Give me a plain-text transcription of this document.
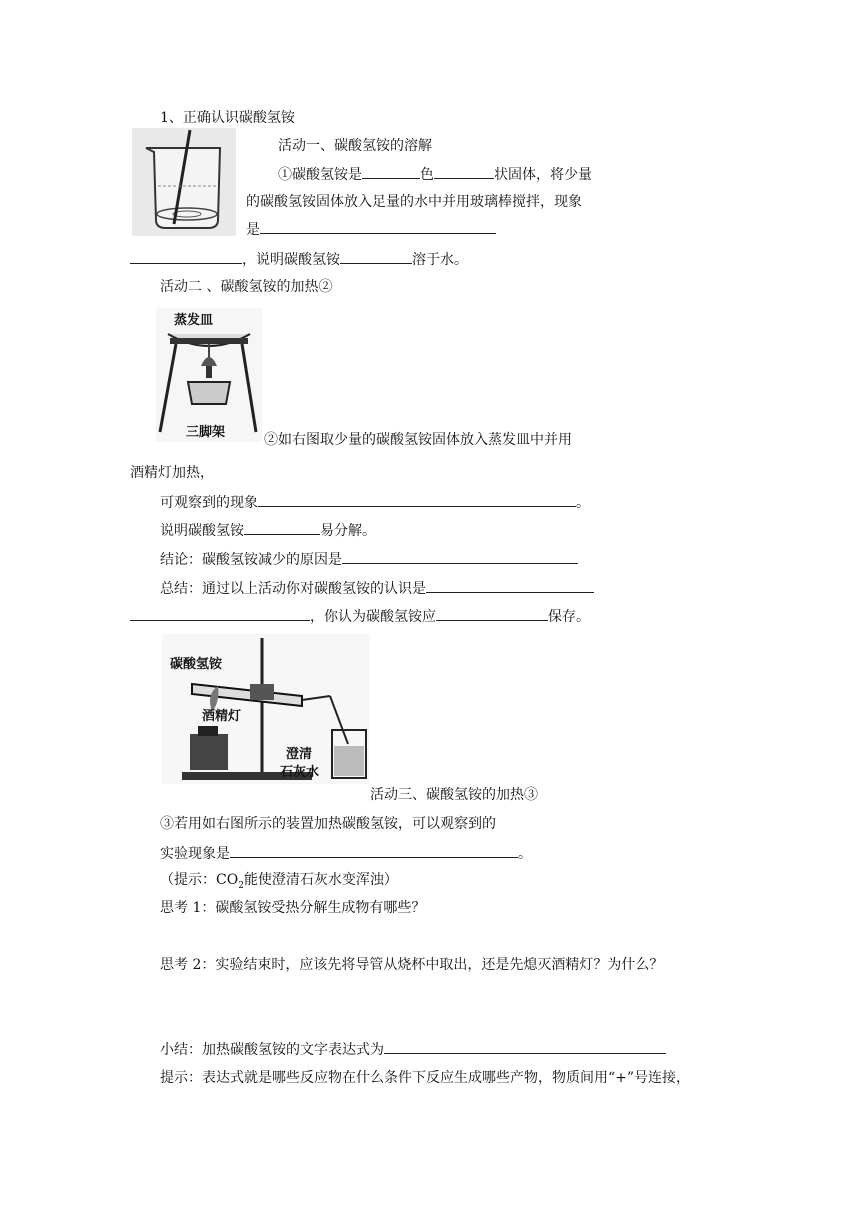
1、正确认识碳酸氢铵
活动一、碳酸氢铵的溶解
①碳酸氢铵是	色	状固体，将少量
的碳酸氢铵固体放入足量的水中并用玻璃棒搅拌，现象
是
，说明碳酸氢铵	溶于水。
活动二 、碳酸氢铵的加热②
蒸发皿
三脚架	②如右图取少量的碳酸氢铵固体放入蒸发皿中并用
酒精灯加热，
可观察到的现象	。
说明碳酸氢铵	易分解。
结论：碳酸氢铵减少的原因是
总结：通过以上活动你对碳酸氢铵的认识是
，你认为碳酸氢铵应	保存。
碳酸氢铵
酒精灯
澄清
石灰水
活动三、碳酸氢铵的加热③
③若用如右图所示的装置加热碳酸氢铵，可以观察到的
实验现象是	。
（提示：$CO_2$能使澄清石灰水变浑浊）
思考 1：碳酸氢铵受热分解生成物有哪些？
思考 2：实验结束时，应该先将导管从烧杯中取出，还是先熄灭酒精灯？为什么？
小结：加热碳酸氢铵的文字表达式为
提示：表达式就是哪些反应物在什么条件下反应生成哪些产物，物质间用“+”号连接，
